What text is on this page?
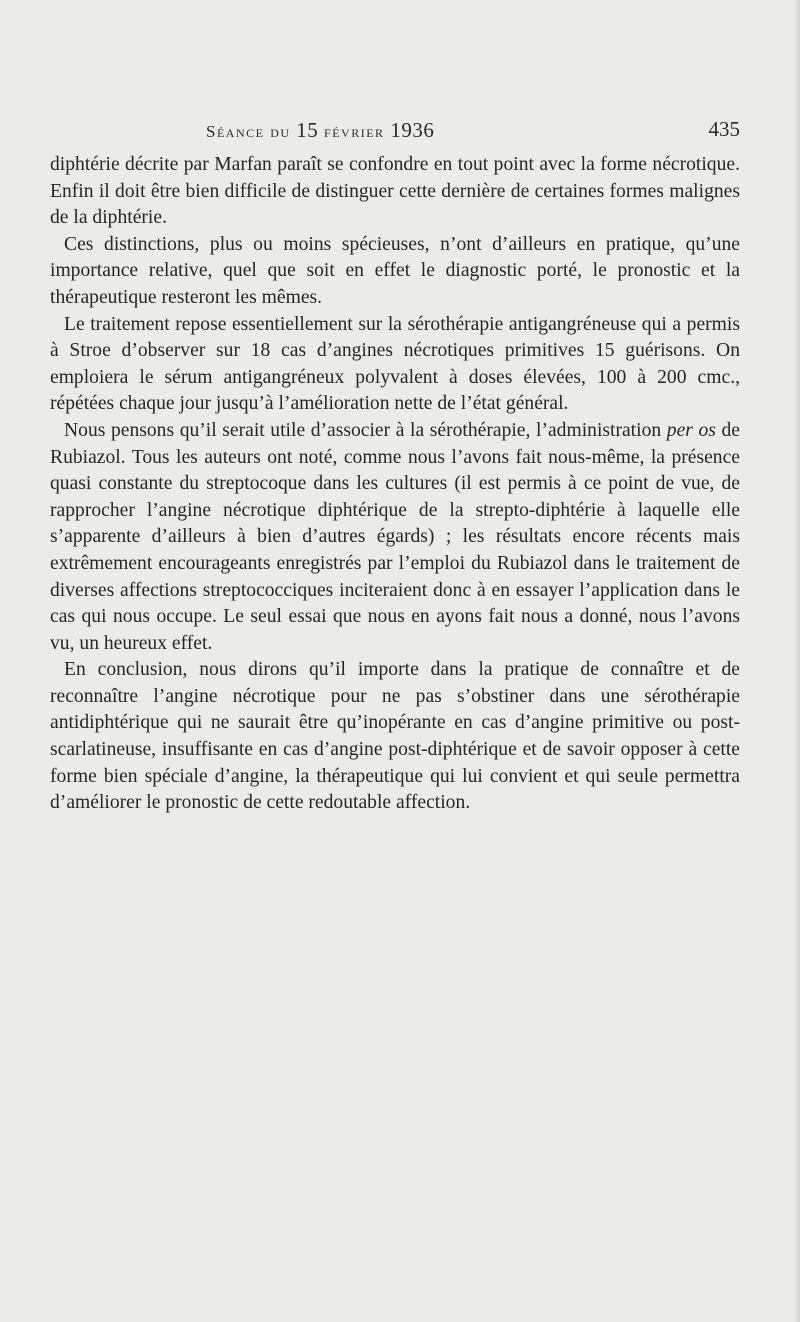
Séance du 15 février 1936	435

diphtérie décrite par Marfan paraît se confondre en tout point avec la forme nécrotique. Enfin il doit être bien difficile de distinguer cette dernière de certaines formes malignes de la diphtérie.

Ces distinctions, plus ou moins spécieuses, n’ont d’ailleurs en pratique, qu’une importance relative, quel que soit en effet le diagnostic porté, le pronostic et la thérapeutique resteront les mêmes.

Le traitement repose essentiellement sur la sérothérapie antigangréneuse qui a permis à Stroe d’observer sur 18 cas d’angines nécrotiques primitives 15 guérisons. On emploiera le sérum antigangréneux polyvalent à doses élevées, 100 à 200 cmc., répétées chaque jour jusqu’à l’amélioration nette de l’état général.

Nous pensons qu’il serait utile d’associer à la sérothérapie, l’administration per os de Rubiazol. Tous les auteurs ont noté, comme nous l’avons fait nous-même, la présence quasi constante du streptocoque dans les cultures (il est permis à ce point de vue, de rapprocher l’angine nécrotique diphtérique de la strepto-diphtérie à laquelle elle s’apparente d’ailleurs à bien d’autres égards) ; les résultats encore récents mais extrêmement encourageants enregistrés par l’emploi du Rubiazol dans le traitement de diverses affections streptococciques inciteraient donc à en essayer l’application dans le cas qui nous occupe. Le seul essai que nous en ayons fait nous a donné, nous l’avons vu, un heureux effet.

En conclusion, nous dirons qu’il importe dans la pratique de connaître et de reconnaître l’angine nécrotique pour ne pas s’obstiner dans une sérothérapie antidiphtérique qui ne saurait être qu’inopérante en cas d’angine primitive ou post-scarlatineuse, insuffisante en cas d’angine post-diphtérique et de savoir opposer à cette forme bien spéciale d’angine, la thérapeutique qui lui convient et qui seule permettra d’améliorer le pronostic de cette redoutable affection.
